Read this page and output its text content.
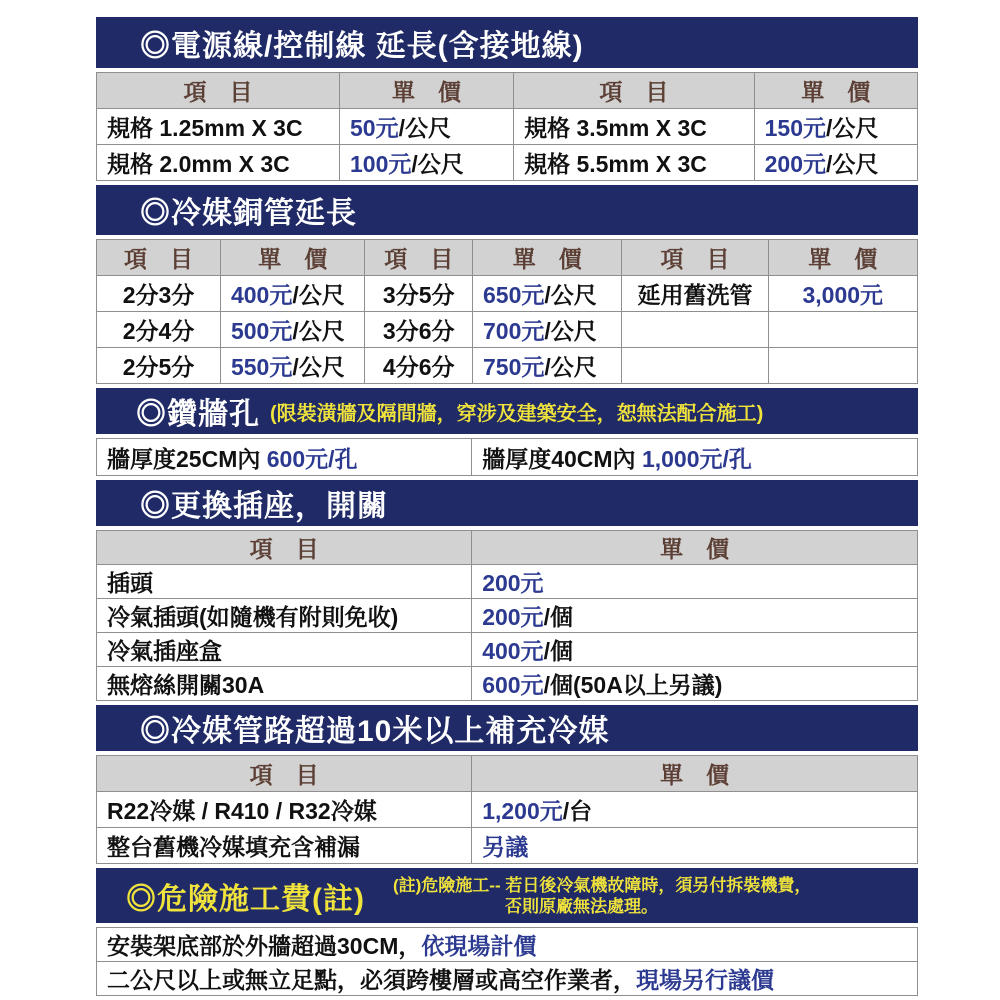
◎電源線/控制線 延長(含接地線)
項　目	單　價	項　目	單　價
規格 1.25mm X 3C	50元/公尺	規格 3.5mm X 3C	150元/公尺
規格 2.0mm X 3C	100元/公尺	規格 5.5mm X 3C	200元/公尺
◎冷媒銅管延長
項　目	單　價	項　目	單　價	項　目	單　價
2分3分	400元/公尺	3分5分	650元/公尺	延用舊洗管	3,000元
2分4分	500元/公尺	3分6分	700元/公尺		
2分5分	550元/公尺	4分6分	750元/公尺		
◎鑽牆孔 (限裝潢牆及隔間牆，穿涉及建築安全，恕無法配合施工)
牆厚度25CM內 600元/孔	牆厚度40CM內 1,000元/孔
◎更換插座，開關
項　目	單　價
插頭	200元
冷氣插頭(如隨機有附則免收)	200元/個
冷氣插座盒	400元/個
無熔絲開關30A	600元/個(50A以上另議)
◎冷媒管路超過10米以上補充冷媒
項　目	單　價
R22冷媒 / R410 / R32冷媒	1,200元/台
整台舊機冷媒填充含補漏	另議
◎危險施工費(註) (註)危險施工-- 若日後冷氣機故障時，須另付拆裝機費，
否則原廠無法處理。
安裝架底部於外牆超過30CM，依現場計價
二公尺以上或無立足點，必須跨樓層或高空作業者，現場另行議價
